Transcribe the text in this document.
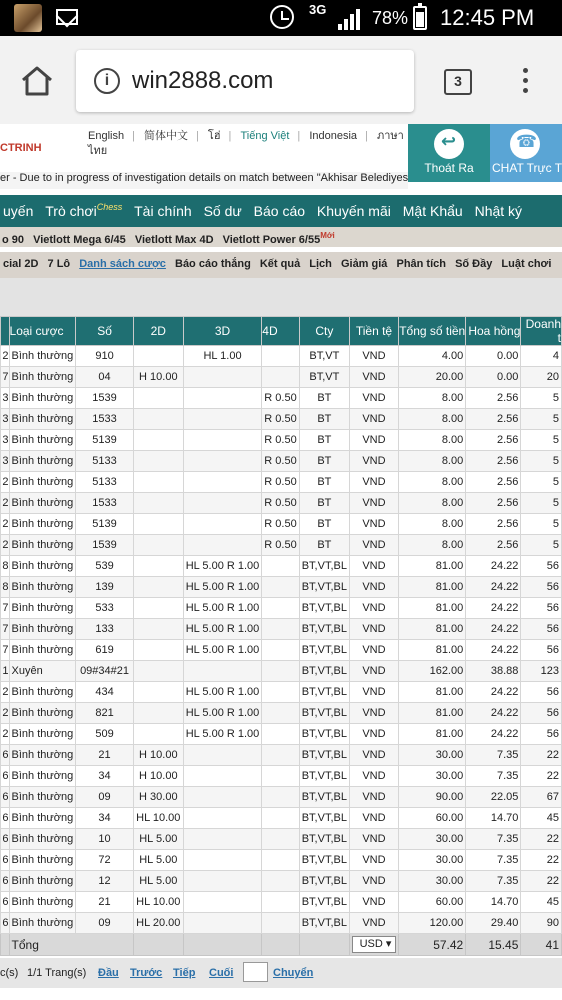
3G	78% 12:45 PM
i win2888.com	3
CTRINH
English | 简体中文 | โฮ่ | Tiếng Việt | Indonesia | ภาษา
ไทย
↩
Thoát Ra
☎	CHAT Trực T
er - Due to in progress of investigation details on match between "Akhisar Belediyes
uyến Trò chơi$^{Chess}$ Tài chính Số dư Báo cáo Khuyến mãi Mật Khẩu Nhật ký
o 90 Vietlott Mega 6/45 Vietlott Max 4D Vietlott Power $6/55^{Mới}$
cial 2D 7 Lô Danh sách cược Báo cáo thắng Kết quả Lịch Giảm giá Phân tích Số Đầy Luật chơi
	Loại cược	Số	2D	3D	4D	Cty	Tiền tệ	Tổng số tiền	Hoa hồng	Doanh t
2	Bình thường	910		HL 1.00		BT,VT	VND	4.00	0.00	4
7	Bình thường	04	H 10.00			BT,VT	VND	20.00	0.00	20
3	Bình thường	1539			R 0.50	BT	VND	8.00	2.56	5
3	Bình thường	1533			R 0.50	BT	VND	8.00	2.56	5
3	Bình thường	5139			R 0.50	BT	VND	8.00	2.56	5
3	Bình thường	5133			R 0.50	BT	VND	8.00	2.56	5
2	Bình thường	5133			R 0.50	BT	VND	8.00	2.56	5
2	Bình thường	1533			R 0.50	BT	VND	8.00	2.56	5
2	Bình thường	5139			R 0.50	BT	VND	8.00	2.56	5
2	Bình thường	1539			R 0.50	BT	VND	8.00	2.56	5
8	Bình thường	539		HL 5.00 R 1.00		BT,VT,BL	VND	81.00	24.22	56
8	Bình thường	139		HL 5.00 R 1.00		BT,VT,BL	VND	81.00	24.22	56
7	Bình thường	533		HL 5.00 R 1.00		BT,VT,BL	VND	81.00	24.22	56
7	Bình thường	133		HL 5.00 R 1.00		BT,VT,BL	VND	81.00	24.22	56
7	Bình thường	619		HL 5.00 R 1.00		BT,VT,BL	VND	81.00	24.22	56
1	Xuyên	09#34#21				BT,VT,BL	VND	162.00	38.88	123
2	Bình thường	434		HL 5.00 R 1.00		BT,VT,BL	VND	81.00	24.22	56
2	Bình thường	821		HL 5.00 R 1.00		BT,VT,BL	VND	81.00	24.22	56
2	Bình thường	509		HL 5.00 R 1.00		BT,VT,BL	VND	81.00	24.22	56
6	Bình thường	21	H 10.00			BT,VT,BL	VND	30.00	7.35	22
6	Bình thường	34	H 10.00			BT,VT,BL	VND	30.00	7.35	22
6	Bình thường	09	H 30.00			BT,VT,BL	VND	90.00	22.05	67
6	Bình thường	34	HL 10.00			BT,VT,BL	VND	60.00	14.70	45
6	Bình thường	10	HL 5.00			BT,VT,BL	VND	30.00	7.35	22
6	Bình thường	72	HL 5.00			BT,VT,BL	VND	30.00	7.35	22
6	Bình thường	12	HL 5.00			BT,VT,BL	VND	30.00	7.35	22
6	Bình thường	21	HL 10.00			BT,VT,BL	VND	60.00	14.70	45
6	Bình thường	09	HL 20.00			BT,VT,BL	VND	120.00	29.40	90
	Tổng						USD ▾	57.42	15.45	41
c(s) 1/1 Trang(s) Đầu Trước Tiếp Cuối	Chuyển
